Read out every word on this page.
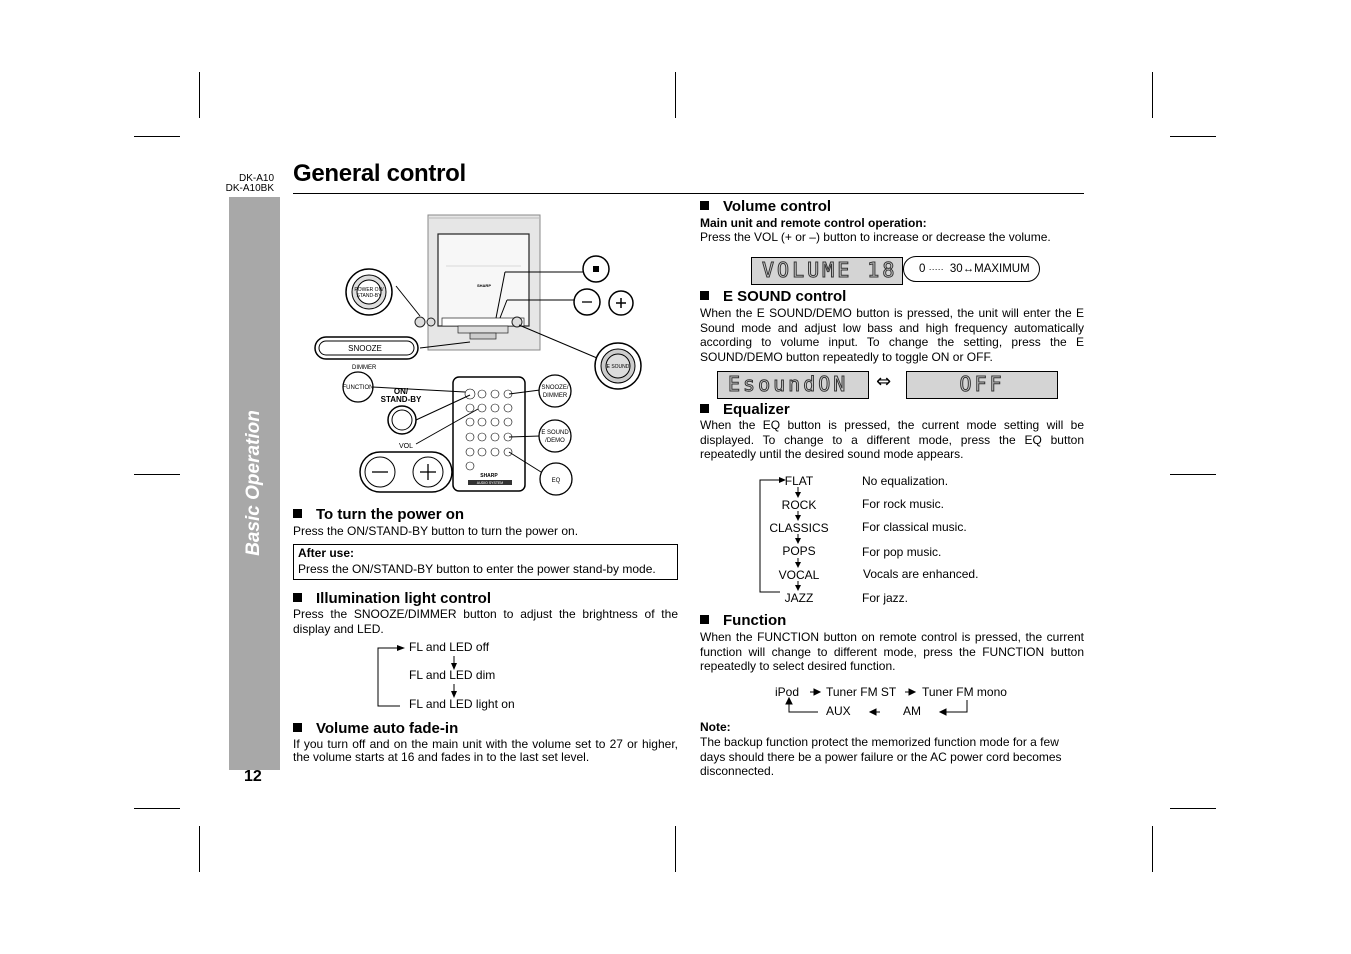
DK-A10
DK-A10BK
General control
Basic Operation
12
SHARP
POWER ON/
STAND-BY
SNOOZE
E SOUND
DIMMER
FUNCTION	ON/
STAND-BY
VOL
SHARP
AUDIO SYSTEM
SNOOZE/
DIMMER
E SOUND
/DEMO
EQ
To turn the power on

Press the ON/STAND-BY button to turn the power on.

After use:
Press the ON/STAND-BY button to enter the power stand-by mode.
Illumination light control

Press the SNOOZE/DIMMER button to adjust the brightness of the display and LED.

FL and LED off
FL and LED dim
FL and LED light on
Volume auto fade-in

If you turn off and on the main unit with the volume set to 27 or higher, the volume starts at 16 and fades in to the last set level.

Volume control
Main unit and remote control operation:
Press the VOL (+ or –) button to increase or decrease the volume.
VOLUME 18	0 ····· 30↔MAXIMUM
E SOUND control

When the E SOUND/DEMO button is pressed, the unit will enter the E Sound mode and adjust low bass and high frequency automatically according to volume input. To change the setting, press the E SOUND/DEMO button repeatedly to toggle ON or OFF.

EsoundON	⇔	OFF
Equalizer

When the EQ button is pressed, the current mode setting will be displayed. To change to a different mode, press the EQ button repeatedly until the desired sound mode appears.

FLAT	No equalization.
ROCK	For rock music.
CLASSICS	For classical music.
POPS	For pop music.
VOCAL	Vocals are enhanced.
JAZZ	For jazz.
Function

When the FUNCTION button on remote control is pressed, the current function will change to different mode, press the FUNCTION button repeatedly to select desired function.

iPod Tuner FM ST Tuner FM mono
AM
AUX
Note:

The backup function protect the memorized function mode for a few days should there be a power failure or the AC power cord becomes disconnected.
